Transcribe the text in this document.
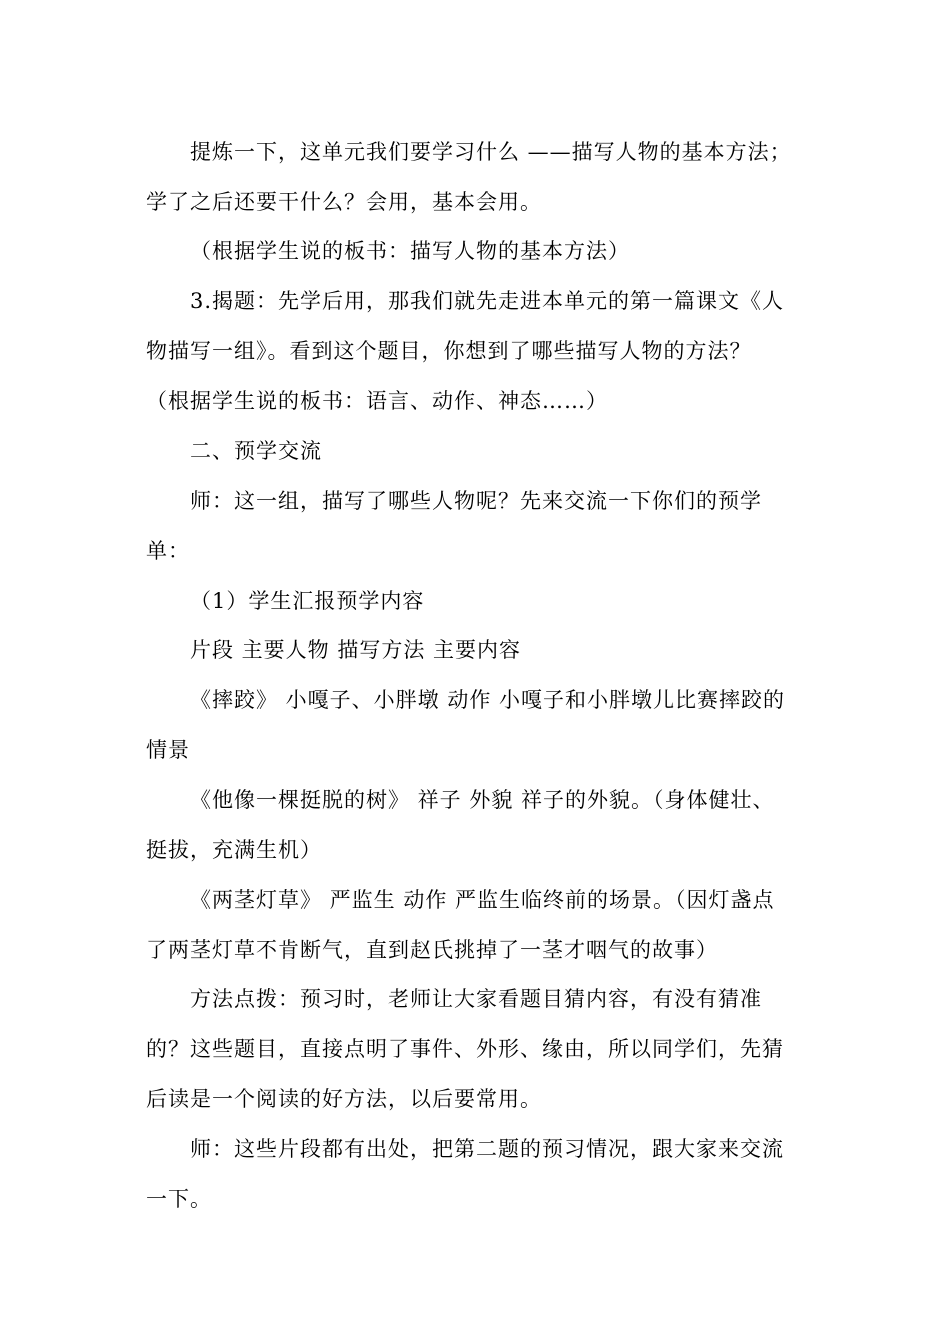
提炼一下，这单元我们要学习什么 ——描写人物的基本方法；
学了之后还要干什么？会用，基本会用。
（根据学生说的板书：描写人物的基本方法）
3.揭题：先学后用，那我们就先走进本单元的第一篇课文《人
物描写一组》。看到这个题目，你想到了哪些描写人物的方法？
（根据学生说的板书：语言、动作、神态……）
二、预学交流
师：这一组，描写了哪些人物呢？先来交流一下你们的预学
单：
（1）学生汇报预学内容
片段 主要人物 描写方法 主要内容
《摔跤》 小嘎子、小胖墩 动作 小嘎子和小胖墩儿比赛摔跤的
情景
《他像一棵挺脱的树》 祥子 外貌 祥子的外貌。（身体健壮、
挺拔，充满生机）
《两茎灯草》 严监生 动作 严监生临终前的场景。（因灯盏点
了两茎灯草不肯断气，直到赵氏挑掉了一茎才咽气的故事）
方法点拨：预习时，老师让大家看题目猜内容，有没有猜准
的？这些题目，直接点明了事件、外形、缘由，所以同学们，先猜
后读是一个阅读的好方法，以后要常用。
师：这些片段都有出处，把第二题的预习情况，跟大家来交流
一下。
